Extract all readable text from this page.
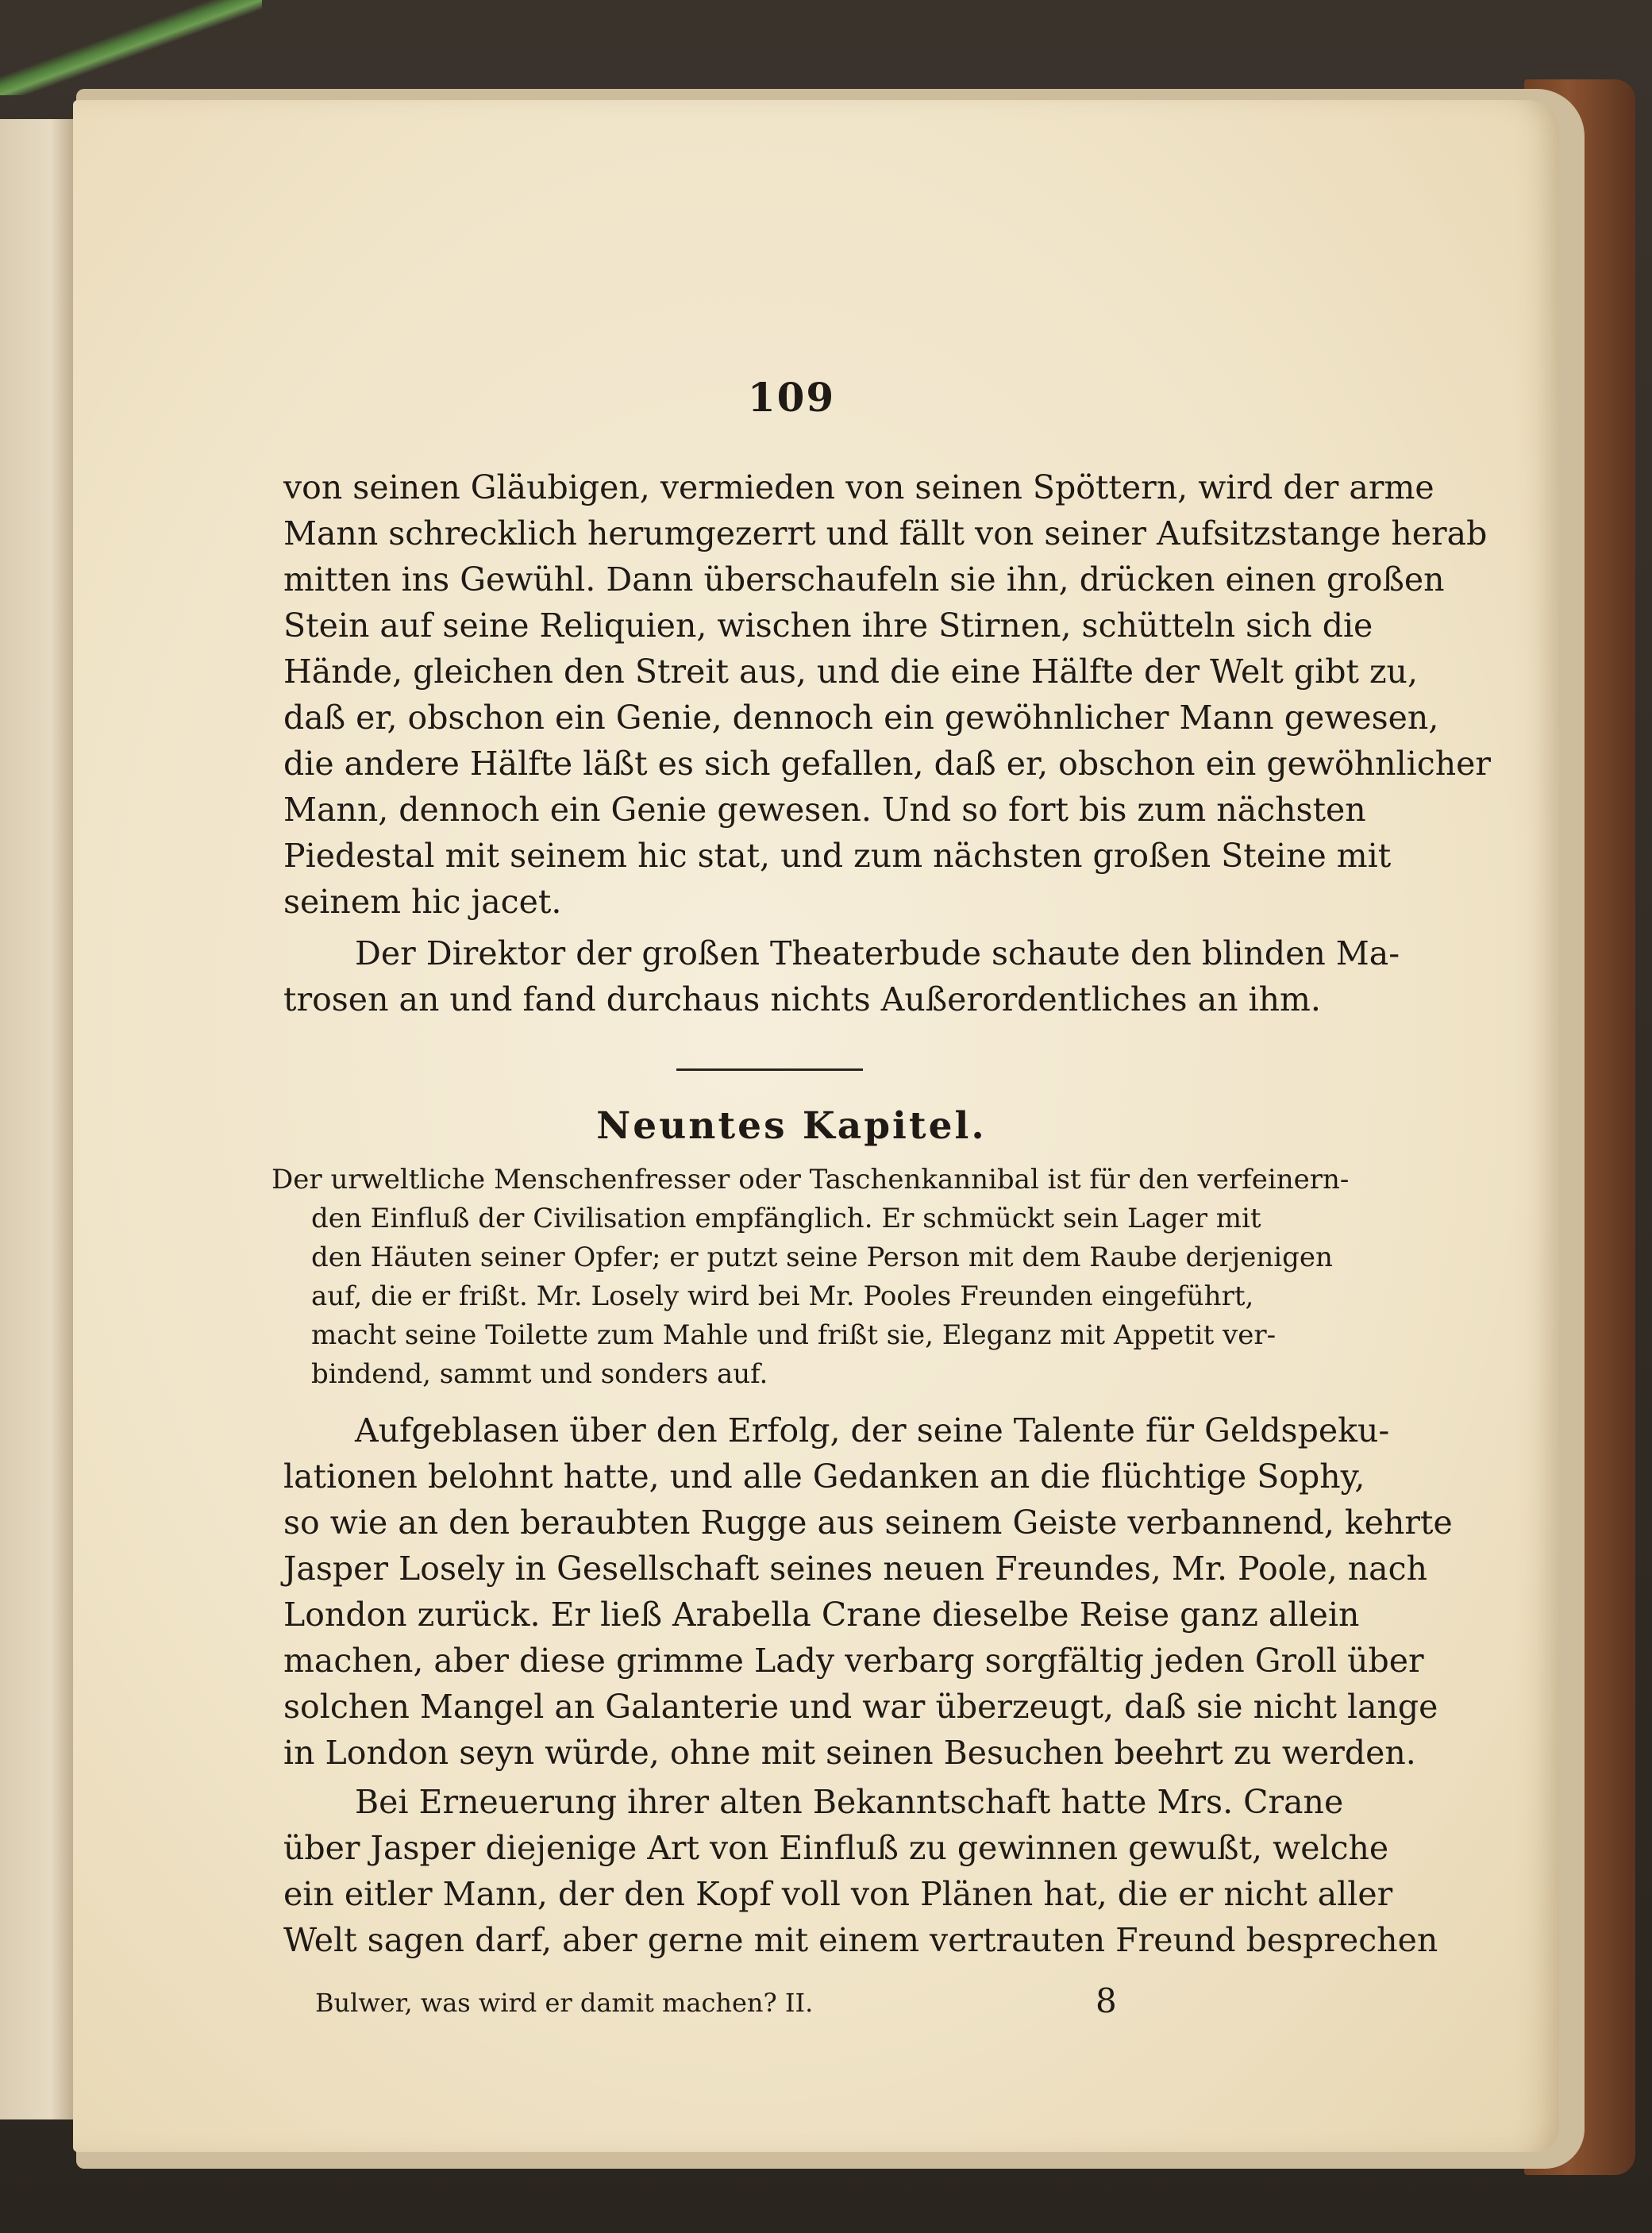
109
von seinen Gläubigen, vermieden von seinen Spöttern, wird der arme
Mann schrecklich herumgezerrt und fällt von seiner Aufsitzstange herab
mitten ins Gewühl. Dann überschaufeln sie ihn, drücken einen großen
Stein auf seine Reliquien, wischen ihre Stirnen, schütteln sich die
Hände, gleichen den Streit aus, und die eine Hälfte der Welt gibt zu,
daß er, obschon ein Genie, dennoch ein gewöhnlicher Mann gewesen,
die andere Hälfte läßt es sich gefallen, daß er, obschon ein gewöhnlicher
Mann, dennoch ein Genie gewesen. Und so fort bis zum nächsten
Piedestal mit seinem hic stat, und zum nächsten großen Steine mit
seinem hic jacet.
Der Direktor der großen Theaterbude schaute den blinden Ma-
trosen an und fand durchaus nichts Außerordentliches an ihm.
Neuntes Kapitel.
Der urweltliche Menschenfresser oder Taschenkannibal ist für den verfeinern-
den Einfluß der Civilisation empfänglich. Er schmückt sein Lager mit
den Häuten seiner Opfer; er putzt seine Person mit dem Raube derjenigen
auf, die er frißt. Mr. Losely wird bei Mr. Pooles Freunden eingeführt,
macht seine Toilette zum Mahle und frißt sie, Eleganz mit Appetit ver-
bindend, sammt und sonders auf.
Aufgeblasen über den Erfolg, der seine Talente für Geldspeku-
lationen belohnt hatte, und alle Gedanken an die flüchtige Sophy,
so wie an den beraubten Rugge aus seinem Geiste verbannend, kehrte
Jasper Losely in Gesellschaft seines neuen Freundes, Mr. Poole, nach
London zurück. Er ließ Arabella Crane dieselbe Reise ganz allein
machen, aber diese grimme Lady verbarg sorgfältig jeden Groll über
solchen Mangel an Galanterie und war überzeugt, daß sie nicht lange
in London seyn würde, ohne mit seinen Besuchen beehrt zu werden.
Bei Erneuerung ihrer alten Bekanntschaft hatte Mrs. Crane
über Jasper diejenige Art von Einfluß zu gewinnen gewußt, welche
ein eitler Mann, der den Kopf voll von Plänen hat, die er nicht aller
Welt sagen darf, aber gerne mit einem vertrauten Freund besprechen
Bulwer, was wird er damit machen? II.	8
